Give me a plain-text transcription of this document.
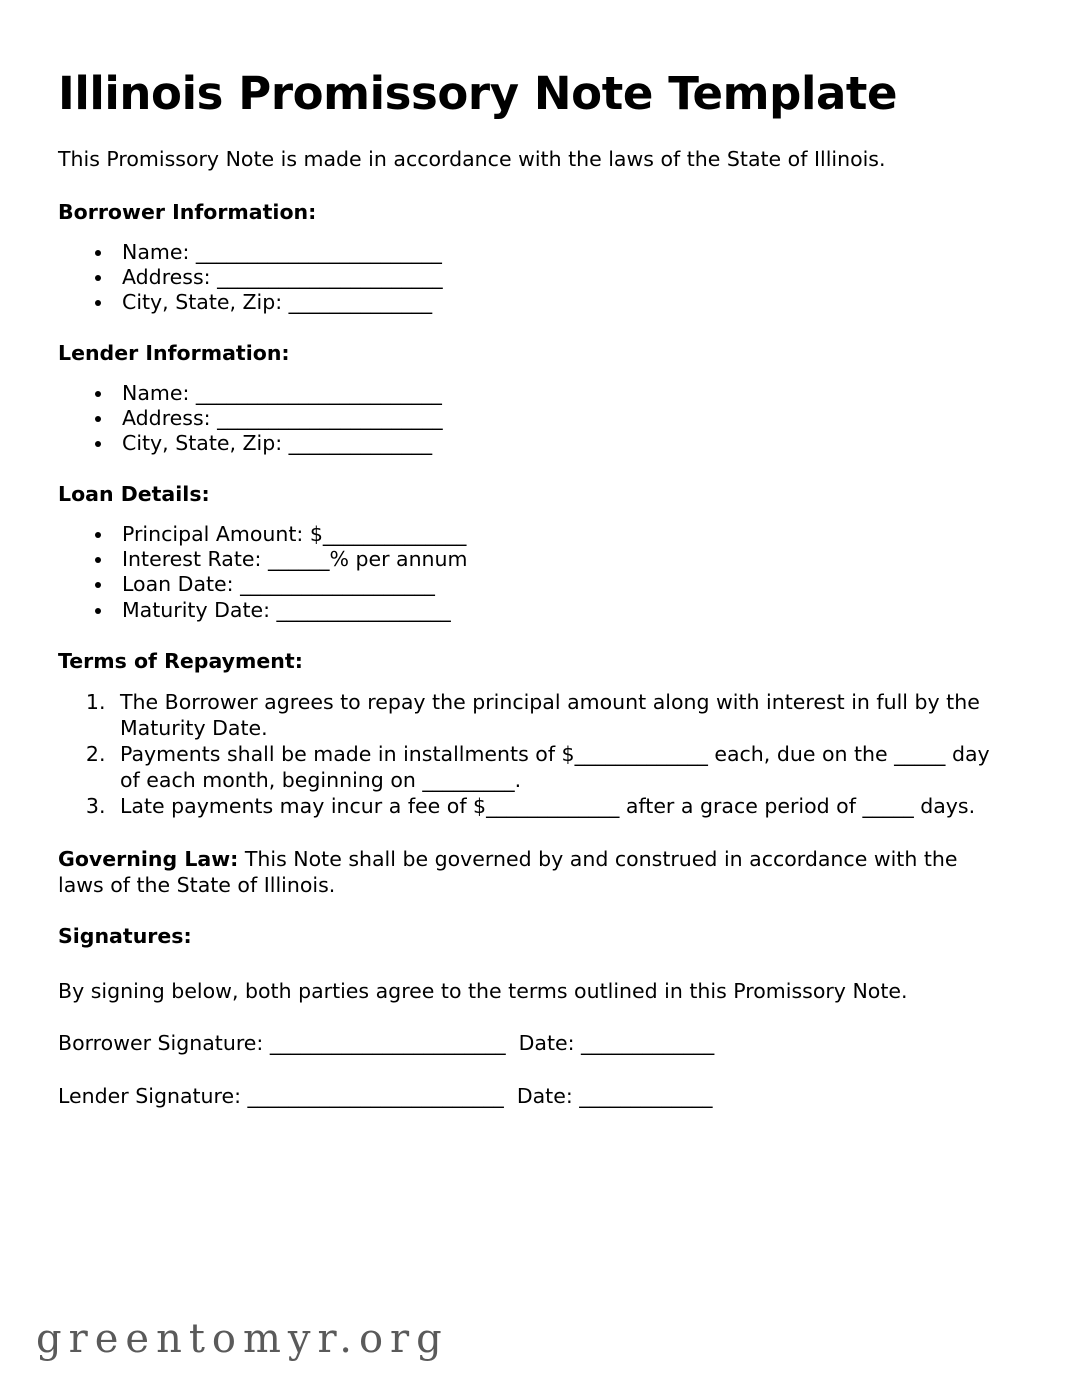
Illinois Promissory Note Template

This Promissory Note is made in accordance with the laws of the State of Illinois.

Borrower Information:
• Name: ________________________
• Address: ______________________
• City, State, Zip: ______________
Lender Information:
• Name: ________________________
• Address: ______________________
• City, State, Zip: ______________
Loan Details:
• Principal Amount: $______________
• Interest Rate: ______% per annum
• Loan Date: ___________________
• Maturity Date: _________________
Terms of Repayment:
1. The Borrower agrees to repay the principal amount along with interest in full by the Maturity Date.
2. Payments shall be made in installments of $_____________ each, due on the _____ day of each month, beginning on _________.
3. Late payments may incur a fee of $_____________ after a grace period of _____ days.

Governing Law: This Note shall be governed by and construed in accordance with the laws of the State of Illinois.

Signatures:

By signing below, both parties agree to the terms outlined in this Promissory Note.

Borrower Signature: _______________________  Date: _____________

Lender Signature: _________________________  Date: _____________

greentomyr.org
